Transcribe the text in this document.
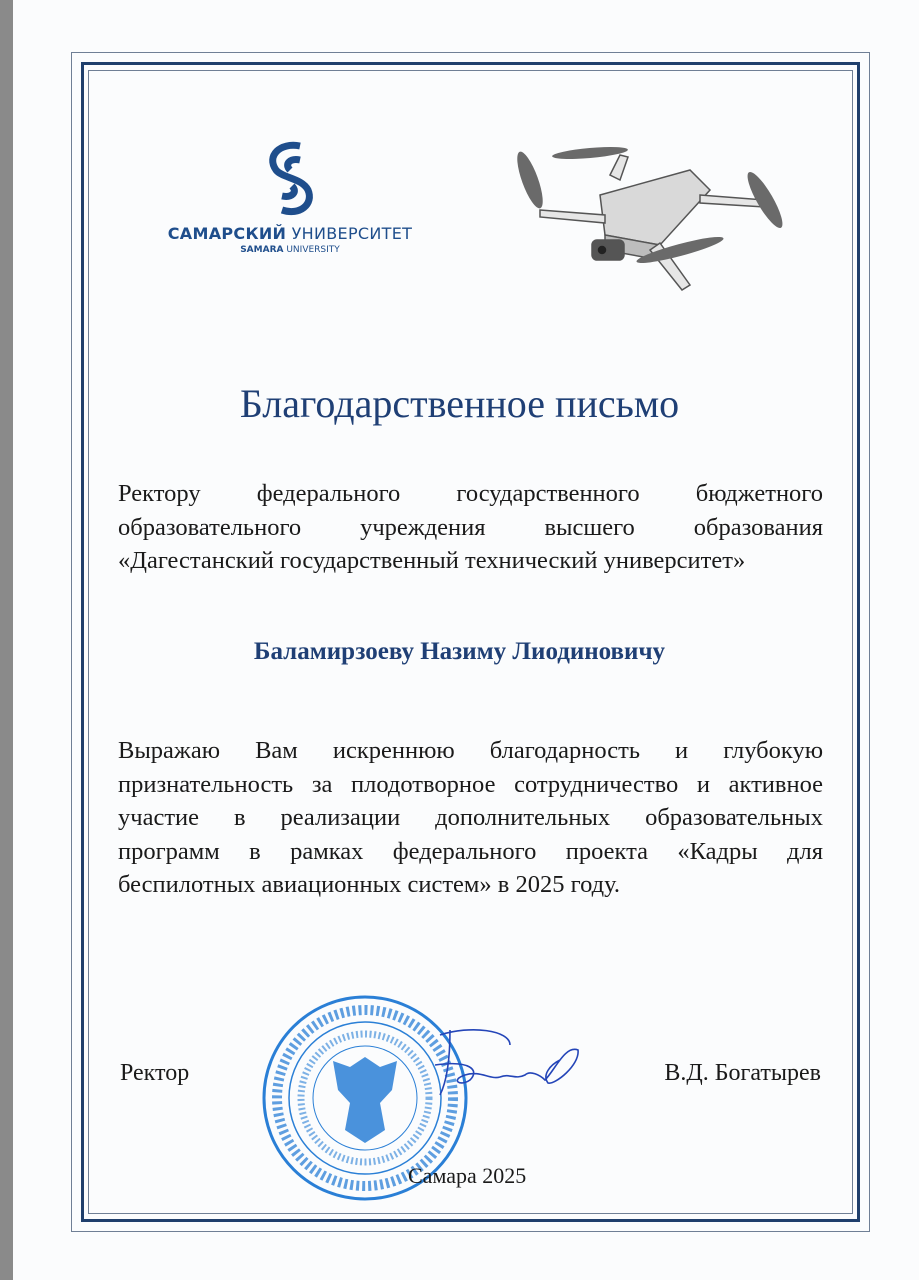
САМАРСКИЙ УНИВЕРСИТЕТ
SAMARA UNIVERSITY
Благодарственное письмо
Ректору федерального государственного бюджетного
образовательного учреждения высшего образования
«Дагестанский государственный технический университет»
Баламирзоеву Назиму Лиодиновичу
Выражаю Вам искреннюю благодарность и глубокую
признательность за плодотворное сотрудничество и активное
участие в реализации дополнительных образовательных
программ в рамках федерального проекта «Кадры для
беспилотных авиационных систем» в 2025 году.
Ректор	В.Д. Богатырев
Самара 2025
